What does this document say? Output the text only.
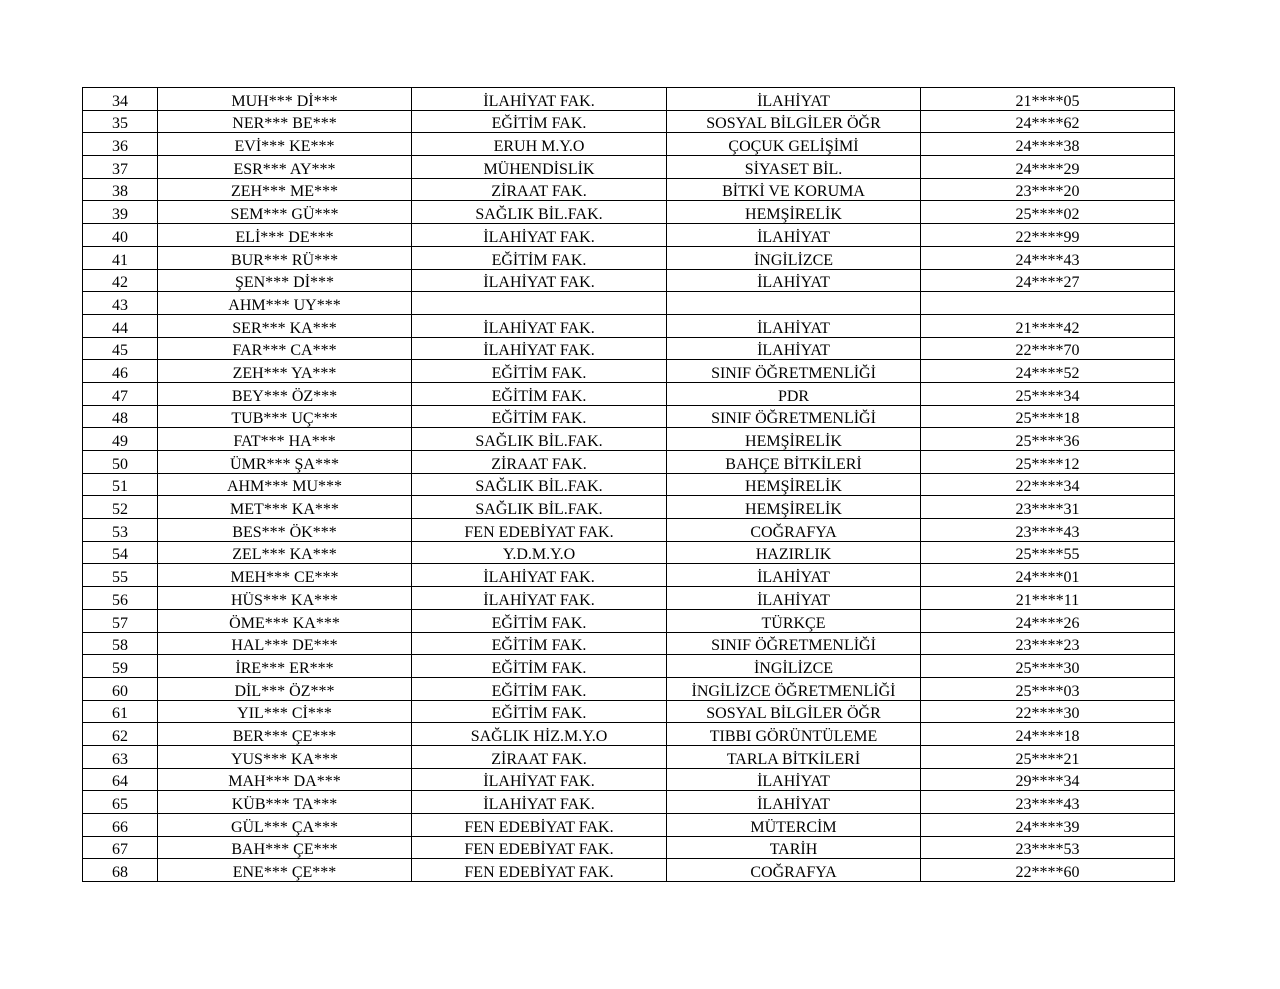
34	MUH*** Dİ***	İLAHİYAT FAK.	İLAHİYAT	21****05
35	NER*** BE***	EĞİTİM FAK.	SOSYAL BİLGİLER ÖĞR	24****62
36	EVİ*** KE***	ERUH M.Y.O	ÇOÇUK GELİŞİMİ	24****38
37	ESR*** AY***	MÜHENDİSLİK	SİYASET BİL.	24****29
38	ZEH*** ME***	ZİRAAT FAK.	BİTKİ VE KORUMA	23****20
39	SEM*** GÜ***	SAĞLIK BİL.FAK.	HEMŞİRELİK	25****02
40	ELİ*** DE***	İLAHİYAT FAK.	İLAHİYAT	22****99
41	BUR*** RÜ***	EĞİTİM FAK.	İNGİLİZCE	24****43
42	ŞEN*** Dİ***	İLAHİYAT FAK.	İLAHİYAT	24****27
43	AHM*** UY***			
44	SER*** KA***	İLAHİYAT FAK.	İLAHİYAT	21****42
45	FAR*** CA***	İLAHİYAT FAK.	İLAHİYAT	22****70
46	ZEH*** YA***	EĞİTİM FAK.	SINIF ÖĞRETMENLİĞİ	24****52
47	BEY*** ÖZ***	EĞİTİM FAK.	PDR	25****34
48	TUB*** UÇ***	EĞİTİM FAK.	SINIF ÖĞRETMENLİĞİ	25****18
49	FAT*** HA***	SAĞLIK BİL.FAK.	HEMŞİRELİK	25****36
50	ÜMR*** ŞA***	ZİRAAT FAK.	BAHÇE BİTKİLERİ	25****12
51	AHM*** MU***	SAĞLIK BİL.FAK.	HEMŞİRELİK	22****34
52	MET*** KA***	SAĞLIK BİL.FAK.	HEMŞİRELİK	23****31
53	BES*** ÖK***	FEN EDEBİYAT FAK.	COĞRAFYA	23****43
54	ZEL*** KA***	Y.D.M.Y.O	HAZIRLIK	25****55
55	MEH*** CE***	İLAHİYAT FAK.	İLAHİYAT	24****01
56	HÜS*** KA***	İLAHİYAT FAK.	İLAHİYAT	21****11
57	ÖME*** KA***	EĞİTİM FAK.	TÜRKÇE	24****26
58	HAL*** DE***	EĞİTİM FAK.	SINIF ÖĞRETMENLİĞİ	23****23
59	İRE*** ER***	EĞİTİM FAK.	İNGİLİZCE	25****30
60	DİL*** ÖZ***	EĞİTİM FAK.	İNGİLİZCE ÖĞRETMENLİĞİ	25****03
61	YIL*** Cİ***	EĞİTİM FAK.	SOSYAL BİLGİLER ÖĞR	22****30
62	BER*** ÇE***	SAĞLIK HİZ.M.Y.O	TIBBI GÖRÜNTÜLEME	24****18
63	YUS*** KA***	ZİRAAT FAK.	TARLA BİTKİLERİ	25****21
64	MAH*** DA***	İLAHİYAT FAK.	İLAHİYAT	29****34
65	KÜB*** TA***	İLAHİYAT FAK.	İLAHİYAT	23****43
66	GÜL*** ÇA***	FEN EDEBİYAT FAK.	MÜTERCİM	24****39
67	BAH*** ÇE***	FEN EDEBİYAT FAK.	TARİH	23****53
68	ENE*** ÇE***	FEN EDEBİYAT FAK.	COĞRAFYA	22****60
